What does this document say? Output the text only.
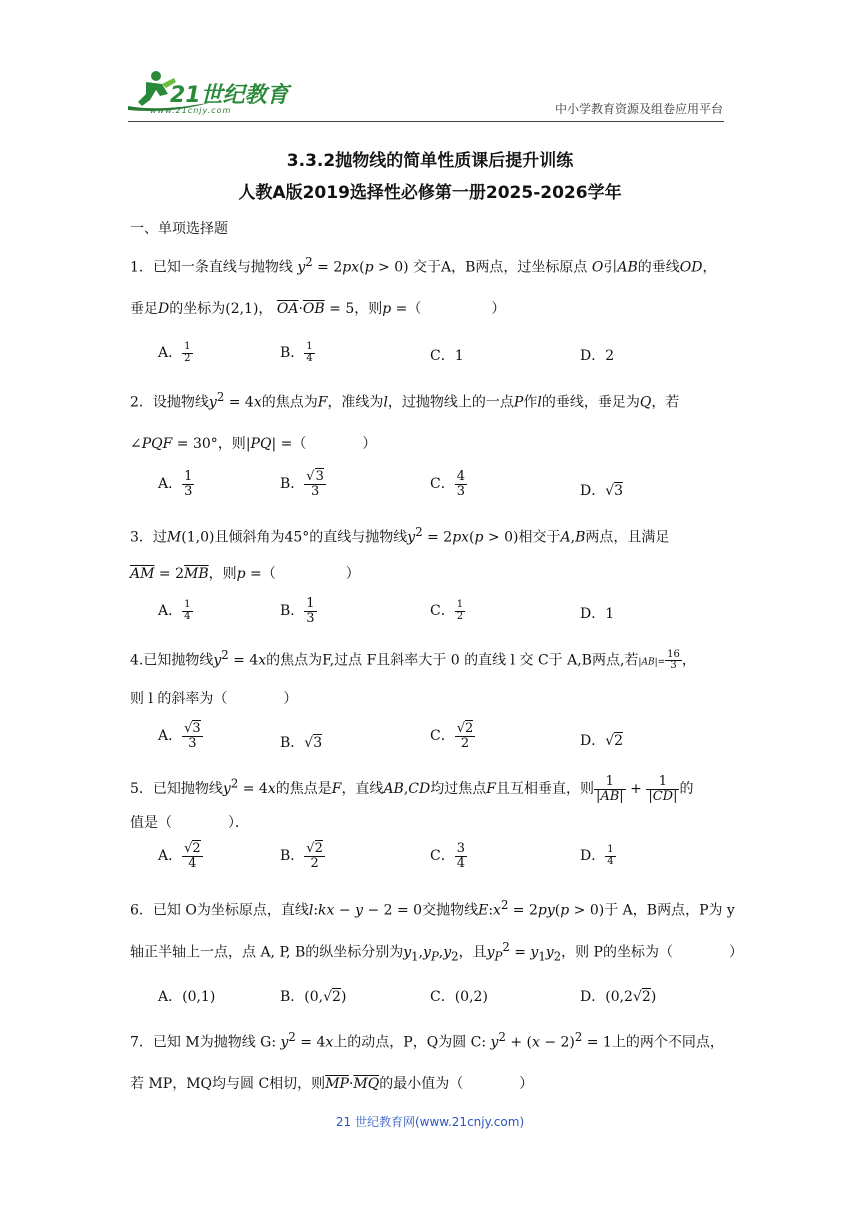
21世纪教育
www.21cnjy.com	中小学教育资源及组卷应用平台
3.3.2抛物线的简单性质课后提升训练
人教A版2019选择性必修第一册2025-2026学年
一、单项选择题
1．已知一条直线与抛物线 $y^2 = 2px(p > 0)$ 交于A，B两点，过坐标原点 O引AB的垂线OD，
垂足D的坐标为(2,1)， $\overline{OA}\cdot\overline{OB} = 5$，则p =（　　　　　）
A． $\frac{1}{2}$	B． $\frac{1}{4}$	C．1	D．2
2．设抛物线$y^2 = 4x$的焦点为F，准线为l，过抛物线上的一点P作l的垂线，垂足为Q，若
∠PQF = 30°，则|PQ| =（　　　　）
A． $\frac{1}{3}$	B． $\frac{√3}{3}$	C． $\frac{4}{3}$	D．√3
3．过M(1,0)且倾斜角为45°的直线与抛物线$y^2 = 2px(p > 0)$相交于A,B两点，且满足
$\overline{AM} = 2\overline{MB}$，则p =（　　　　　）
A． $\frac{1}{4}$	B． $\frac{1}{3}$	C． $\frac{1}{2}$	D．1
4.已知抛物线$y^2 = 4x$的焦点为F,过点 F且斜率大于 0 的直线 l 交 C于 A,B两点,若$|AB|= \frac{16}{3}$ ，
则 l 的斜率为（　　　　）
A． $\frac{√3}{3}$	B．√3	C． $\frac{√2}{2}$	D．√2
5．已知抛物线$y^2 = 4x$的焦点是F，直线AB,CD均过焦点F且互相垂直，则 $\frac{1}{|AB|} + \frac{1}{|CD|}$ 的
值是（　　　　）．
A． $\frac{√2}{4}$	B． $\frac{√2}{2}$	C． $\frac{3}{4}$	D． $\frac{1}{4}$
6．已知 O为坐标原点，直线l:kx − y − 2 = 0交抛物线$E:x^2 = 2py(p > 0)$于 A，B两点，P为 y
轴正半轴上一点，点 A, P, B的纵坐标分别为$y_1,y_P,y_2$，且$y_P^2 = y_1y_2$，则 P的坐标为（　　　　）
A．(0,1)	B．(0,√2)	C．(0,2)	D．(0,2√2)
7．已知 M为抛物线 G: $y^2 = 4x$上的动点，P，Q为圆 C: $y^2 + (x - 2)^2 = 1$上的两个不同点，
若 MP，MQ均与圆 C相切，则$\overline{MP}\cdot\overline{MQ}$的最小值为（　　　　）
21 世纪教育网(www.21cnjy.com)
